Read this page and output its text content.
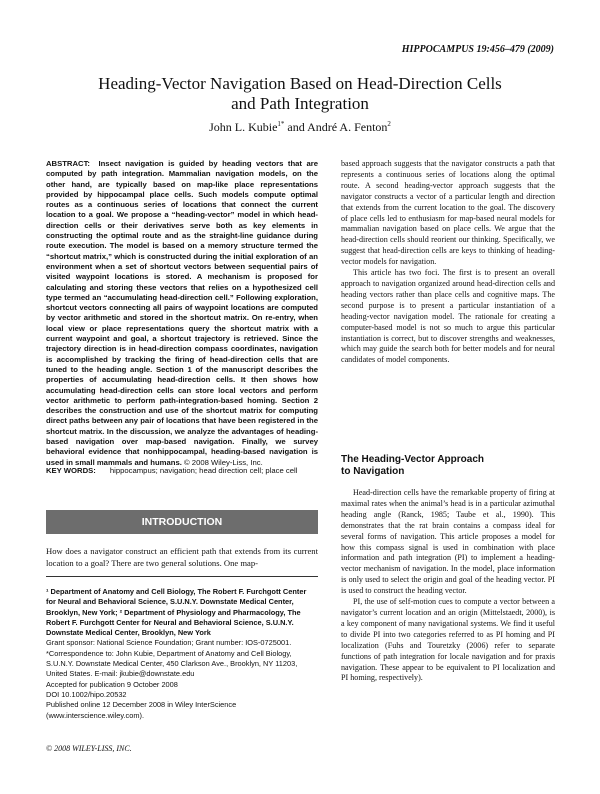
HIPPOCAMPUS 19:456–479 (2009)
Heading-Vector Navigation Based on Head-Direction Cells
and Path Integration
John L. Kubie$^{1*}$ and André A. Fenton$^2$

ABSTRACT: Insect navigation is guided by heading vectors that are computed by path integration. Mammalian navigation models, on the other hand, are typically based on map-like place representations provided by hippocampal place cells. Such models compute optimal routes as a continuous series of locations that connect the current location to a goal. We propose a “heading-vector” model in which head-direction cells or their derivatives serve both as key elements in constructing the optimal route and as the straight-line guidance during route execution. The model is based on a memory structure termed the “shortcut matrix,” which is constructed during the initial exploration of an environment when a set of shortcut vectors between sequential pairs of visited waypoint locations is stored. A mechanism is proposed for calculating and storing these vectors that relies on a hypothesized cell type termed an “accumulating head-direction cell.” Following exploration, shortcut vectors connecting all pairs of waypoint locations are computed by vector arithmetic and stored in the shortcut matrix. On re-entry, when local view or place representations query the shortcut matrix with a current waypoint and goal, a shortcut trajectory is retrieved. Since the trajectory direction is in head-direction compass coordinates, navigation is accomplished by tracking the firing of head-direction cells that are tuned to the heading angle. Section 1 of the manuscript describes the properties of accumulating head-direction cells. It then shows how accumulating head-direction cells can store local vectors and perform vector arithmetic to perform path-integration-based homing. Section 2 describes the construction and use of the shortcut matrix for computing direct paths between any pair of locations that have been registered in the shortcut matrix. In the discussion, we analyze the advantages of heading-based navigation over map-based navigation. Finally, we survey behavioral evidence that nonhippocampal, heading-based navigation is used in small mammals and humans. © 2008 Wiley-Liss, Inc.

KEY WORDS: hippocampus; navigation; head direction cell; place cell
INTRODUCTION

How does a navigator construct an efficient path that extends from its current location to a goal? There are two general solutions. One map-

¹ Department of Anatomy and Cell Biology, The Robert F. Furchgott Center for Neural and Behavioral Science, S.U.N.Y. Downstate Medical Center, Brooklyn, New York; ² Department of Physiology and Pharmacology, The Robert F. Furchgott Center for Neural and Behavioral Science, S.U.N.Y. Downstate Medical Center, Brooklyn, New York

Grant sponsor: National Science Foundation; Grant number: IOS-0725001.

*Correspondence to: John Kubie, Department of Anatomy and Cell Biology, S.U.N.Y. Downstate Medical Center, 450 Clarkson Ave., Brooklyn, NY 11203, United States. E-mail: jkubie@downstate.edu

Accepted for publication 9 October 2008

DOI 10.1002/hipo.20532

Published online 12 December 2008 in Wiley InterScience (www.interscience.wiley.com).

© 2008 WILEY-LISS, INC.

based approach suggests that the navigator constructs a path that represents a continuous series of locations along the optimal route. A second heading-vector approach suggests that the navigator constructs a vector of a particular length and direction that extends from the current location to the goal. The discovery of place cells led to enthusiasm for map-based neural models for mammalian navigation based on place cells. We argue that the head-direction cells should reorient our thinking. Specifically, we suggest that head-direction cells are keys to thinking of heading-vector models for navigation.

This article has two foci. The first is to present an overall approach to navigation organized around head-direction cells and heading vectors rather than place cells and cognitive maps. The second purpose is to present a particular instantiation of a heading-vector navigation model. The rationale for creating a computer-based model is not so much to argue this particular instantiation is correct, but to discover strengths and weaknesses, which may guide the search both for better models and for neural candidates of model components.

The Heading-Vector Approach
to Navigation

Head-direction cells have the remarkable property of firing at maximal rates when the animal’s head is in a particular azimuthal heading angle (Ranck, 1985; Taube et al., 1990). This demonstrates that the rat brain contains a compass ideal for several forms of navigation. This article proposes a model for how this compass signal is used in combination with place information and path integration (PI) to implement a heading-vector mechanism of navigation. In the model, place information is only used to select the origin and goal of the heading vector. PI is used to construct the heading vector.

PI, the use of self-motion cues to compute a vector between a navigator’s current location and an origin (Mittelstaedt, 2000), is a key component of many navigational systems. We find it useful to divide PI into two categories referred to as PI homing and PI localization (Fuhs and Touretzky (2006) refer to separate functions of path integration for locale navigation and for praxis navigation. These appear to be equivalent to PI localization and PI homing, respectively).
